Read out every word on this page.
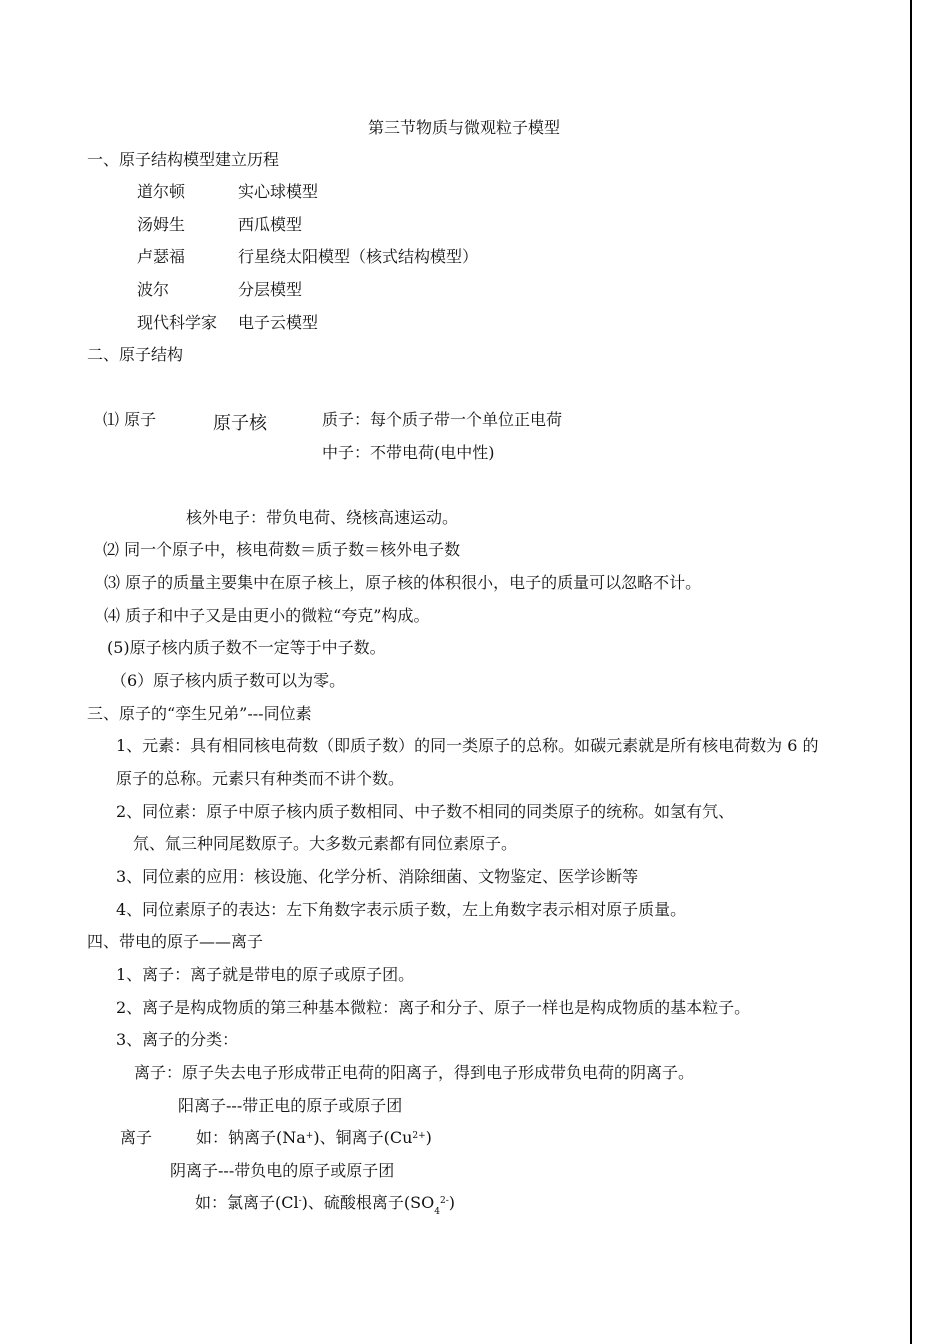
第三节物质与微观粒子模型
一、原子结构模型建立历程
道尔顿	实心球模型
汤姆生	西瓜模型
卢瑟福	行星绕太阳模型（核式结构模型）
波尔	分层模型
现代科学家 电子云模型
二、原子结构
⑴ 原子	原子核	质子：每个质子带一个单位正电荷
中子：不带电荷(电中性)
核外电子：带负电荷、绕核高速运动。
⑵ 同一个原子中，核电荷数＝质子数＝核外电子数
⑶ 原子的质量主要集中在原子核上，原子核的体积很小，电子的质量可以忽略不计。
⑷ 质子和中子又是由更小的微粒“夸克”构成。
(5)原子核内质子数不一定等于中子数。
（6）原子核内质子数可以为零。
三、原子的“孪生兄弟”---同位素
1、元素：具有相同核电荷数（即质子数）的同一类原子的总称。如碳元素就是所有核电荷数为 6 的
原子的总称。元素只有种类而不讲个数。
2、同位素：原子中原子核内质子数相同、中子数不相同的同类原子的统称。如氢有氕、
氘、氚三种同尾数原子。大多数元素都有同位素原子。
3、同位素的应用：核设施、化学分析、消除细菌、文物鉴定、医学诊断等
4、同位素原子的表达：左下角数字表示质子数，左上角数字表示相对原子质量。
四、带电的原子——离子
1、离子：离子就是带电的原子或原子团。
2、离子是构成物质的第三种基本微粒：离子和分子、原子一样也是构成物质的基本粒子。
3、离子的分类：
离子：原子失去电子形成带正电荷的阳离子，得到电子形成带负电荷的阴离子。
阳离子---带正电的原子或原子团
离子	如：钠离子(Na+)、铜离子$(Cu^{2+})$
阴离子---带负电的原子或原子团
如：氯离子(Cl-)、硫酸根离子$(SO_4^{2-})$
